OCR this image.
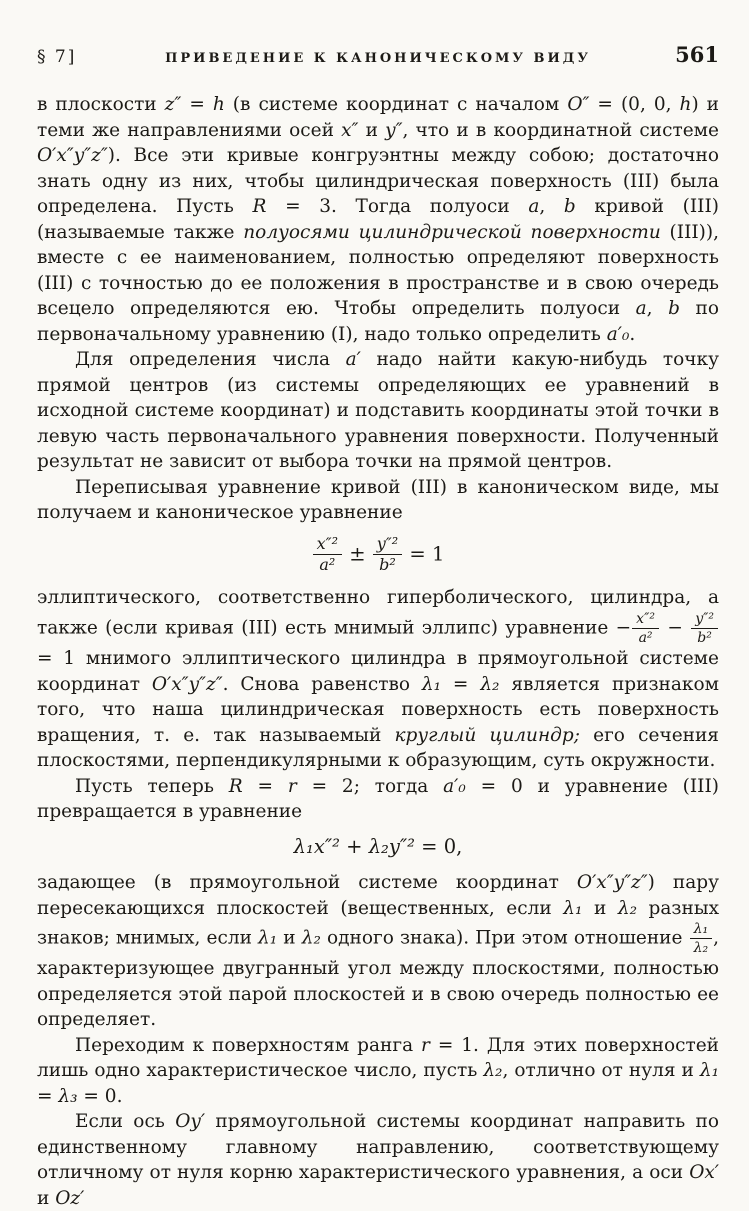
§ 7]	ПРИВЕДЕНИЕ К КАНОНИЧЕСКОМУ ВИДУ	561

в плоскости z″ = h (в системе координат с началом O″ = (0, 0, h) и теми же направлениями осей x″ и y″, что и в координатной системе O′x″y″z″). Все эти кривые конгруэнтны между собою; достаточно знать одну из них, чтобы цилиндрическая поверхность (III) была определена. Пусть R = 3. Тогда полуоси a, b кривой (III) (называемые также полуосями цилиндрической поверхности (III)), вместе с ее наименованием, полностью определяют поверхность (III) с точностью до ее положения в пространстве и в свою очередь всецело определяются ею. Чтобы определить полуоси a, b по первоначальному уравнению (I), надо только определить a′₀.

Для определения числа a′ надо найти какую-нибудь точку прямой центров (из системы определяющих ее уравнений в исходной системе координат) и подставить координаты этой точки в левую часть первоначального уравнения поверхности. Полученный результат не зависит от выбора точки на прямой центров.

Переписывая уравнение кривой (III) в каноническом виде, мы получаем и каноническое уравнение

$\frac{\text{x″²}}{\text{a²}} \pm \frac{\text{y″²}}{\text{b²}} = 1$

эллиптического, соответственно гиперболического, цилиндра, а также (если кривая (III) есть мнимый эллипс) уравнение − $\frac{\text{x″²}}{\text{a²}} - \frac{\text{y″²}}{\text{b²}}$
= 1 мнимого эллиптического цилиндра в прямоугольной системе координат O′x″y″z″. Снова равенство λ₁ = λ₂ является признаком того, что наша цилиндрическая поверхность есть поверхность вращения, т. е. так называемый круглый цилиндр; его сечения плоскостями, перпендикулярными к образующим, суть окружности.

Пусть теперь R = r = 2; тогда a′₀ = 0 и уравнение (III) превращается в уравнение

λ₁x″² + λ₂y″² = 0,

задающее (в прямоугольной системе координат O′x″y″z″) пару пересекающихся плоскостей (вещественных, если λ₁ и λ₂ разных знаков; мнимых, если λ₁ и λ₂ одного знака). При этом отношение $\frac{\text{λ₁}}{\text{λ₂}}$ , характеризующее двугранный угол между плоскостями, полностью определяется этой парой плоскостей и в свою очередь полностью ее определяет.

Переходим к поверхностям ранга r = 1. Для этих поверхностей лишь одно характеристическое число, пусть λ₂, отлично от нуля и λ₁ = λ₃ = 0.

Если ось Oy′ прямоугольной системы координат направить по единственному главному направлению, соответствующему отличному от нуля корню характеристического уравнения, а оси Ox′ и Oz′
